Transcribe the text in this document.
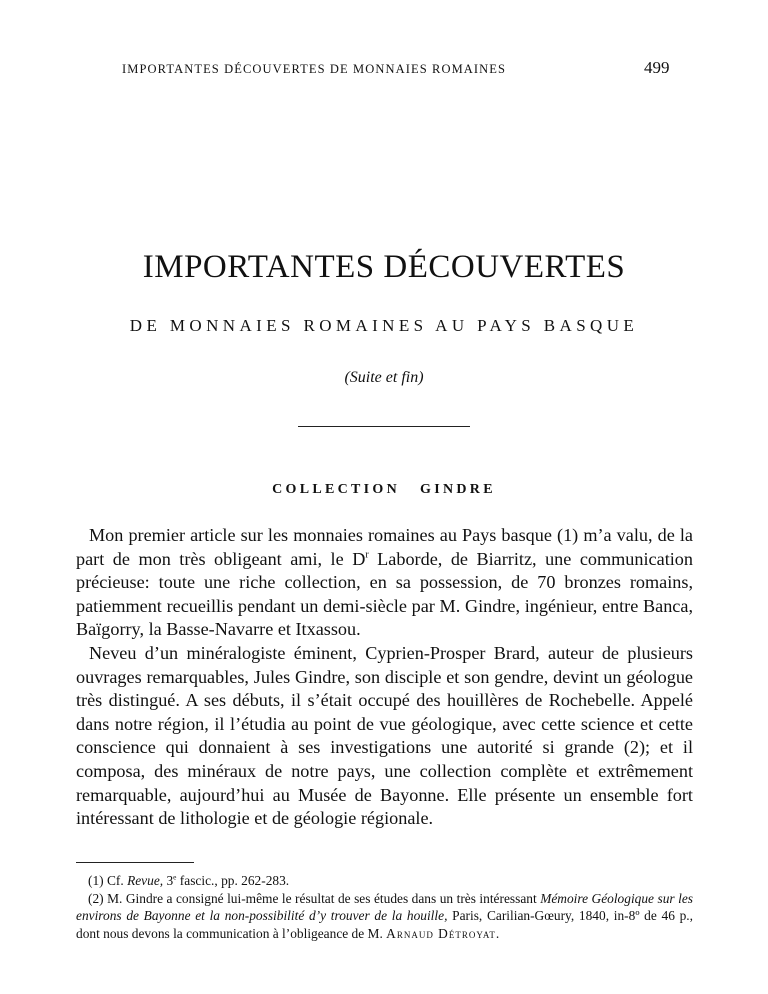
IMPORTANTES DÉCOUVERTES DE MONNAIES ROMAINES	499
IMPORTANTES DÉCOUVERTES
DE MONNAIES ROMAINES AU PAYS BASQUE
(Suite et fin)
COLLECTION GINDRE

Mon premier article sur les monnaies romaines au Pays basque (1) m’a valu, de la part de mon très obligeant ami, le $D^r$ Laborde, de Biarritz, une communication précieuse: toute une riche collection, en sa possession, de 70 bronzes romains, patiemment recueillis pendant un demi-siècle par M. Gindre, ingénieur, entre Banca, Baïgorry, la Basse-Navarre et Itxassou.

Neveu d’un minéralogiste éminent, Cyprien-Prosper Brard, auteur de plusieurs ouvrages remarquables, Jules Gindre, son disciple et son gendre, devint un géologue très distingué. A ses débuts, il s’était occupé des houillères de Rochebelle. Appelé dans notre région, il l’étudia au point de vue géologique, avec cette science et cette conscience qui donnaient à ses investigations une autorité si grande (2); et il composa, des minéraux de notre pays, une collection complète et extrêmement remarquable, aujourd’hui au Musée de Bayonne. Elle présente un ensemble fort intéressant de lithologie et de géologie régionale.

(1) Cf. Revue, 3e fascic., pp. 262-283.

(2) M. Gindre a consigné lui-même le résultat de ses études dans un très intéressant Mémoire Géologique sur les environs de Bayonne et la non-possibilité d’y trouver de la houille, Paris, Carilian-Gœury, 1840, in-8º de 46 p., dont nous devons la communication à l’obligeance de M. Arnaud Détroyat.
